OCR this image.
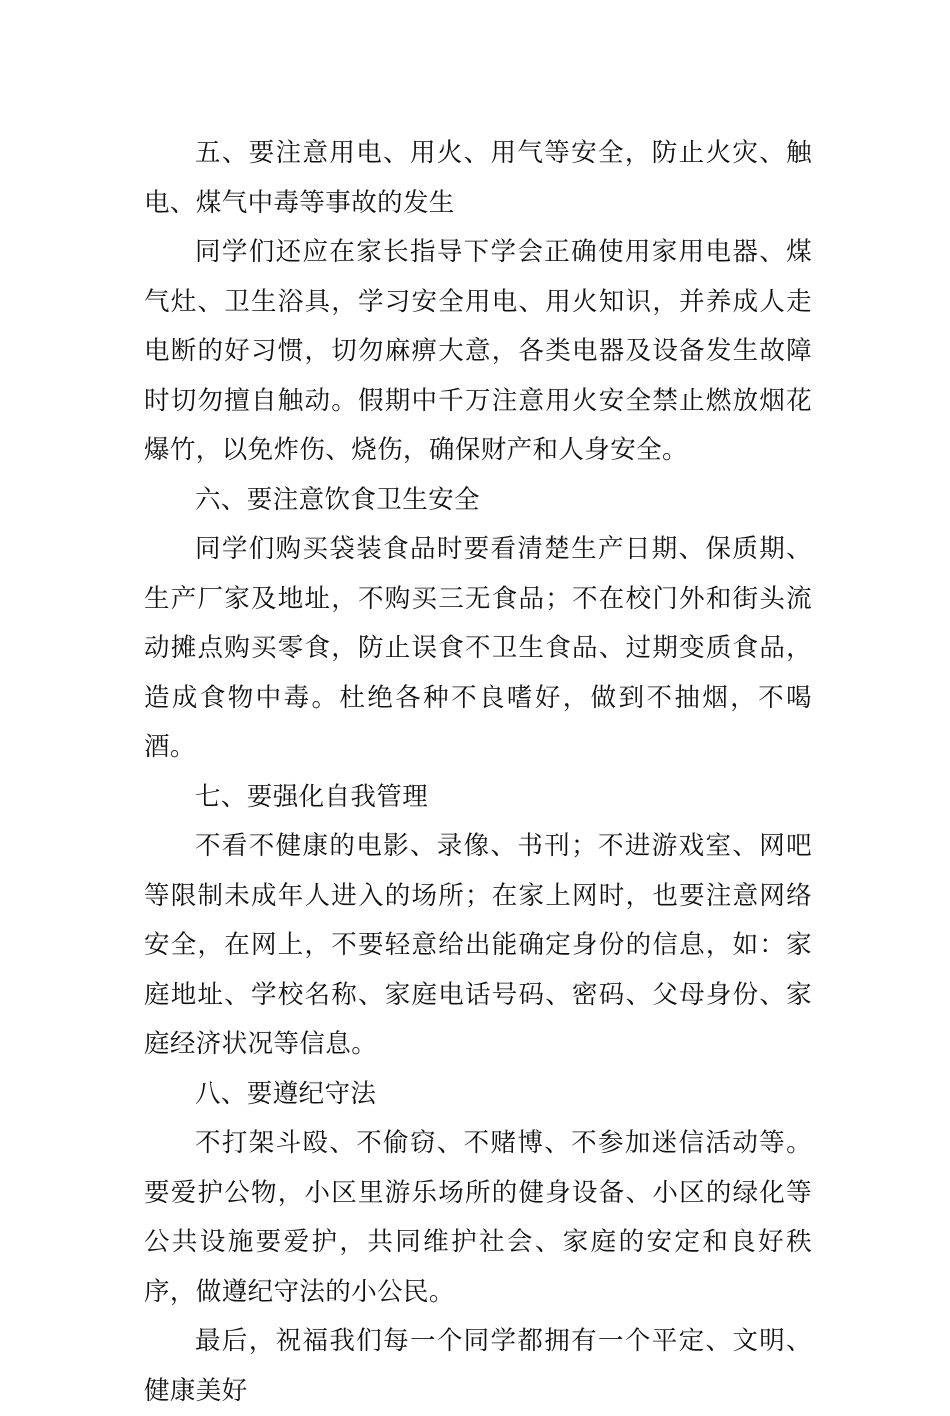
五、要注意用电、用火、用气等安全，防止火灾、触电、煤气中毒等事故的发生

同学们还应在家长指导下学会正确使用家用电器、煤气灶、卫生浴具，学习安全用电、用火知识，并养成人走电断的好习惯，切勿麻痹大意，各类电器及设备发生故障时切勿擅自触动。假期中千万注意用火安全禁止燃放烟花爆竹，以免炸伤、烧伤，确保财产和人身安全。

六、要注意饮食卫生安全

同学们购买袋装食品时要看清楚生产日期、保质期、生产厂家及地址，不购买三无食品；不在校门外和街头流动摊点购买零食，防止误食不卫生食品、过期变质食品，造成食物中毒。杜绝各种不良嗜好，做到不抽烟，不喝酒。

七、要强化自我管理

不看不健康的电影、录像、书刊；不进游戏室、网吧等限制未成年人进入的场所；在家上网时，也要注意网络安全，在网上，不要轻意给出能确定身份的信息，如：家庭地址、学校名称、家庭电话号码、密码、父母身份、家庭经济状况等信息。

八、要遵纪守法

不打架斗殴、不偷窃、不赌博、不参加迷信活动等。要爱护公物，小区里游乐场所的健身设备、小区的绿化等公共设施要爱护，共同维护社会、家庭的安定和良好秩序，做遵纪守法的小公民。

最后，祝福我们每一个同学都拥有一个平定、文明、健康美好
